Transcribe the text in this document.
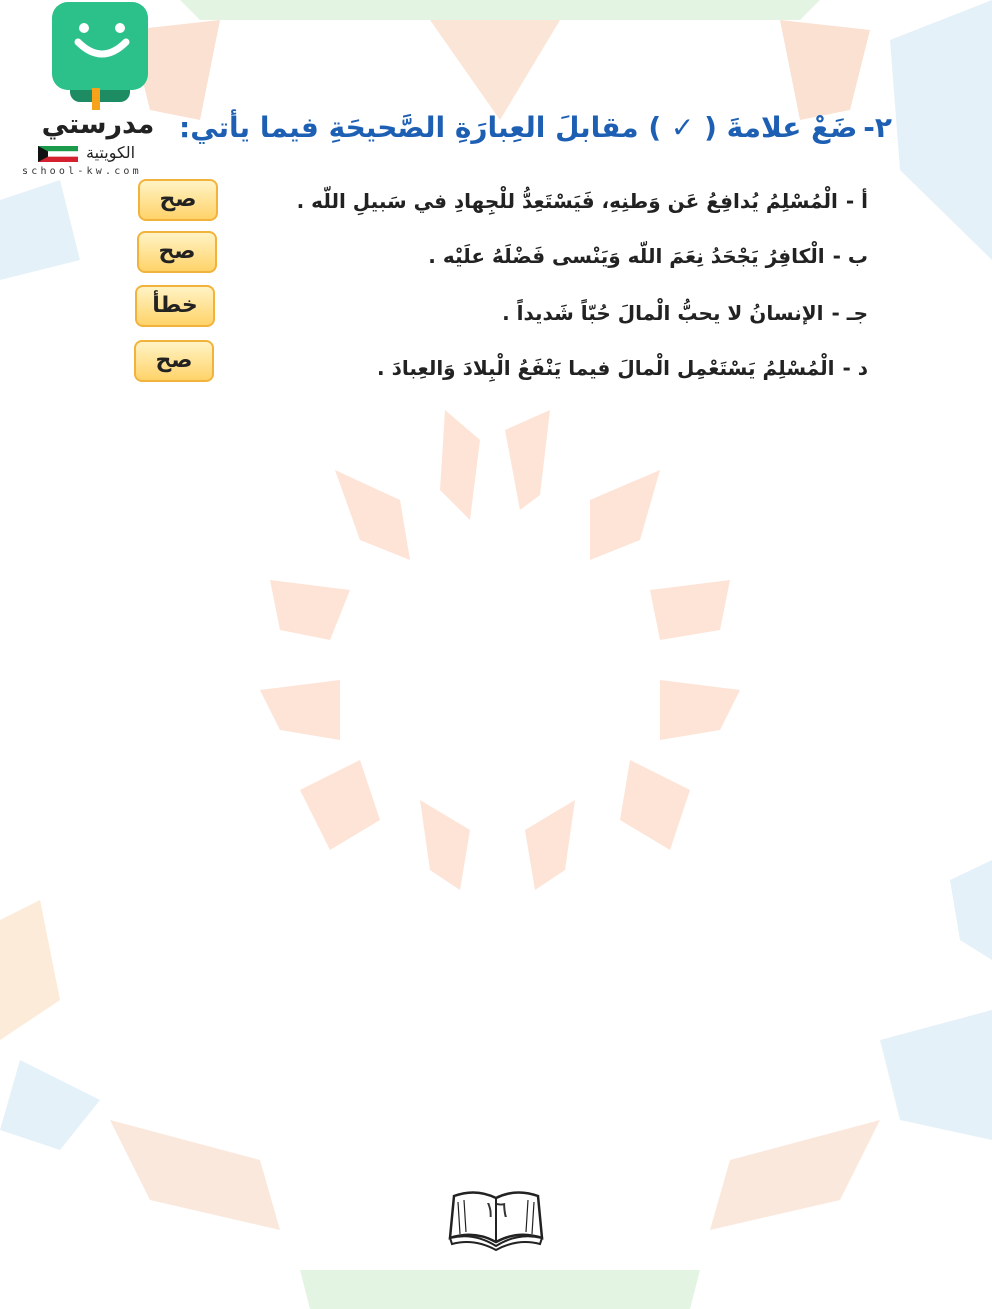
مدرستي
الكويتية
school-kw.com
٢-ضَعْ علامةَ ( ✓ ) مقابلَ العِبارَةِ الصَّحيحَةِ فيما يأتي:
أ -الْمُسْلِمُ يُدافِعُ عَن وَطنِهِ، فَيَسْتَعِدُّ للْجِهادِ في سَبيلِ اللّه .
ب -الْكافِرُ يَجْحَدُ نِعَمَ اللّه وَيَنْسى فَضْلَهُ علَيْه .
جـ -الإنسانُ لا يحبُّ الْمالَ حُبّاً شَديداً .
د -الْمُسْلِمُ يَسْتَعْمِل الْمالَ فيما يَنْفَعُ الْبِلادَ وَالعِبادَ .
صح
صح
خطأ
صح
١٦
